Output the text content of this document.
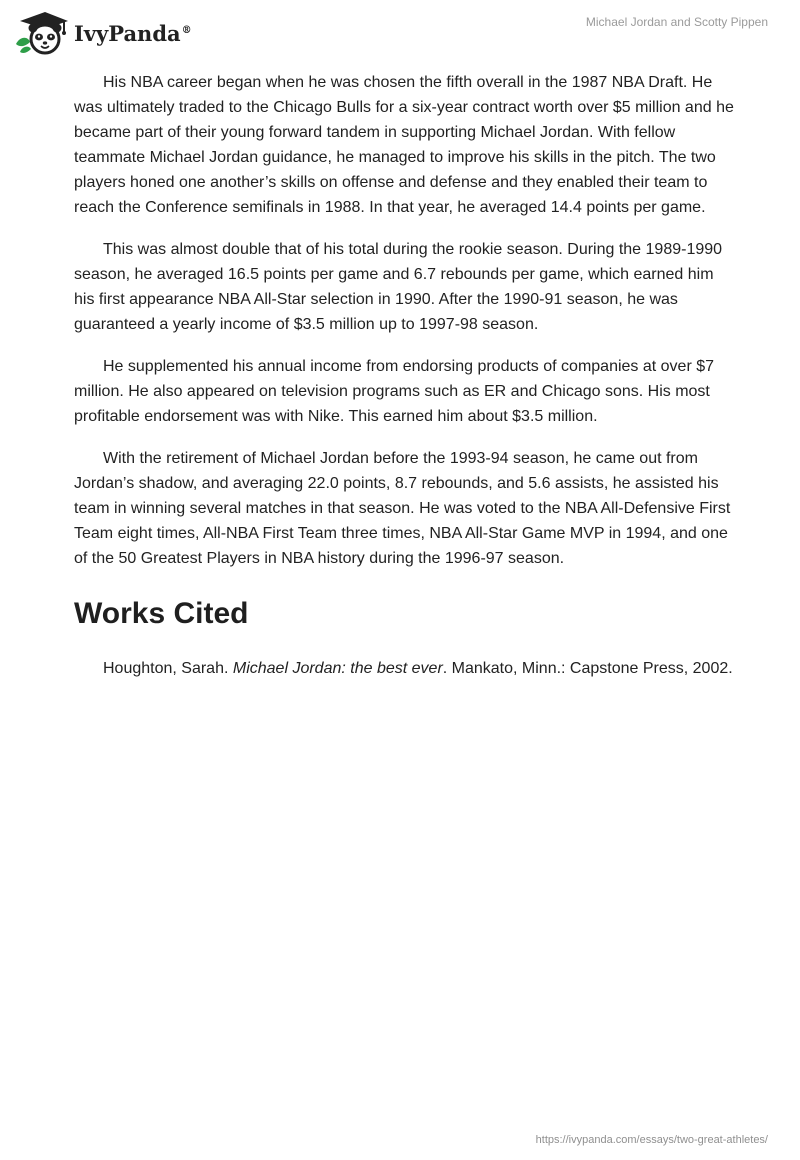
IvyPanda®
Michael Jordan and Scotty Pippen

His NBA career began when he was chosen the fifth overall in the 1987 NBA Draft. He was ultimately traded to the Chicago Bulls for a six-year contract worth over $5 million and he became part of their young forward tandem in supporting Michael Jordan. With fellow teammate Michael Jordan guidance, he managed to improve his skills in the pitch. The two players honed one another’s skills on offense and defense and they enabled their team to reach the Conference semifinals in 1988. In that year, he averaged 14.4 points per game.

This was almost double that of his total during the rookie season. During the 1989-1990 season, he averaged 16.5 points per game and 6.7 rebounds per game, which earned him his first appearance NBA All-Star selection in 1990. After the 1990-91 season, he was guaranteed a yearly income of $3.5 million up to 1997-98 season.

He supplemented his annual income from endorsing products of companies at over $7 million. He also appeared on television programs such as ER and Chicago sons. His most profitable endorsement was with Nike. This earned him about $3.5 million.

With the retirement of Michael Jordan before the 1993-94 season, he came out from Jordan’s shadow, and averaging 22.0 points, 8.7 rebounds, and 5.6 assists, he assisted his team in winning several matches in that season. He was voted to the NBA All-Defensive First Team eight times, All-NBA First Team three times, NBA All-Star Game MVP in 1994, and one of the 50 Greatest Players in NBA history during the 1996-97 season.

Works Cited

Houghton, Sarah. Michael Jordan: the best ever. Mankato, Minn.: Capstone Press, 2002.

https://ivypanda.com/essays/two-great-athletes/
